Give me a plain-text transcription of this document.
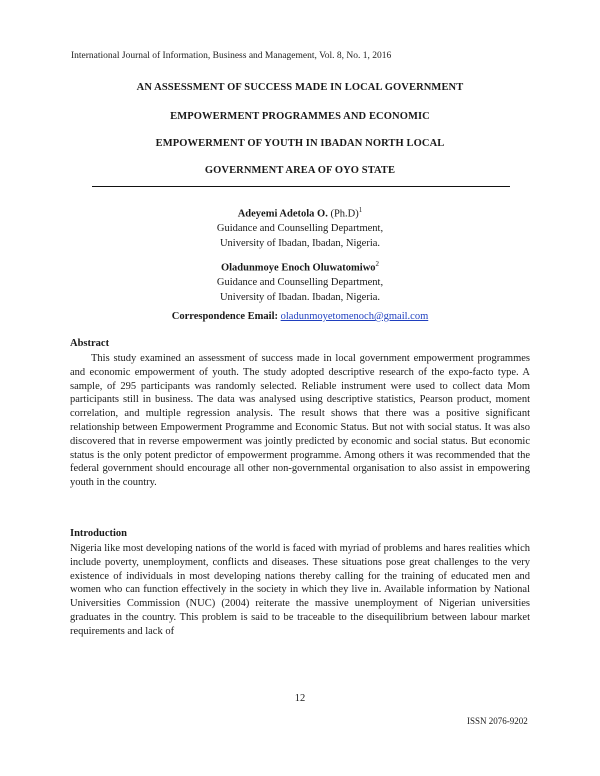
International Journal of Information, Business and Management, Vol. 8, No. 1, 2016
AN ASSESSMENT OF SUCCESS MADE IN LOCAL GOVERNMENT
EMPOWERMENT PROGRAMMES AND ECONOMIC
EMPOWERMENT OF YOUTH IN IBADAN NORTH LOCAL
GOVERNMENT AREA OF OYO STATE
Adeyemi Adetola O. $(Ph.D)^1$
Guidance and Counselling Department,
University of Ibadan, Ibadan, Nigeria.
Oladunmoye Enoch Oluwatomiwo$^2$
Guidance and Counselling Department,
University of Ibadan. Ibadan, Nigeria.
Correspondence Email: oladunmoyetomenoch@gmail.com
Abstract

This study examined an assessment of success made in local government empowerment programmes and economic empowerment of youth. The study adopted descriptive research of the expo-facto type. A sample, of 295 participants was randomly selected. Reliable instrument were used to collect data Mom participants still in business. The data was analysed using descriptive statistics, Pearson product, moment correlation, and multiple regression analysis. The result shows that there was a positive significant relationship between Empowerment Programme and Economic Status. But not with social status. It was also discovered that in reverse empowerment was jointly predicted by economic and social status. But economic status is the only potent predictor of empowerment programme. Among others it was recommended that the federal government should encourage all other non-governmental organisation to also assist in empowering youth in the country.

Introduction

Nigeria like most developing nations of the world is faced with myriad of problems and hares realities which include poverty, unemployment, conflicts and diseases. These situations pose great challenges to the very existence of individuals in most developing nations thereby calling for the training of educated men and women who can function effectively in the society in which they live in. Available information by National Universities Commission (NUC) (2004) reiterate the massive unemployment of Nigerian universities graduates in the country. This problem is said to be traceable to the disequilibrium between labour market requirements and lack of

12
ISSN 2076-9202
